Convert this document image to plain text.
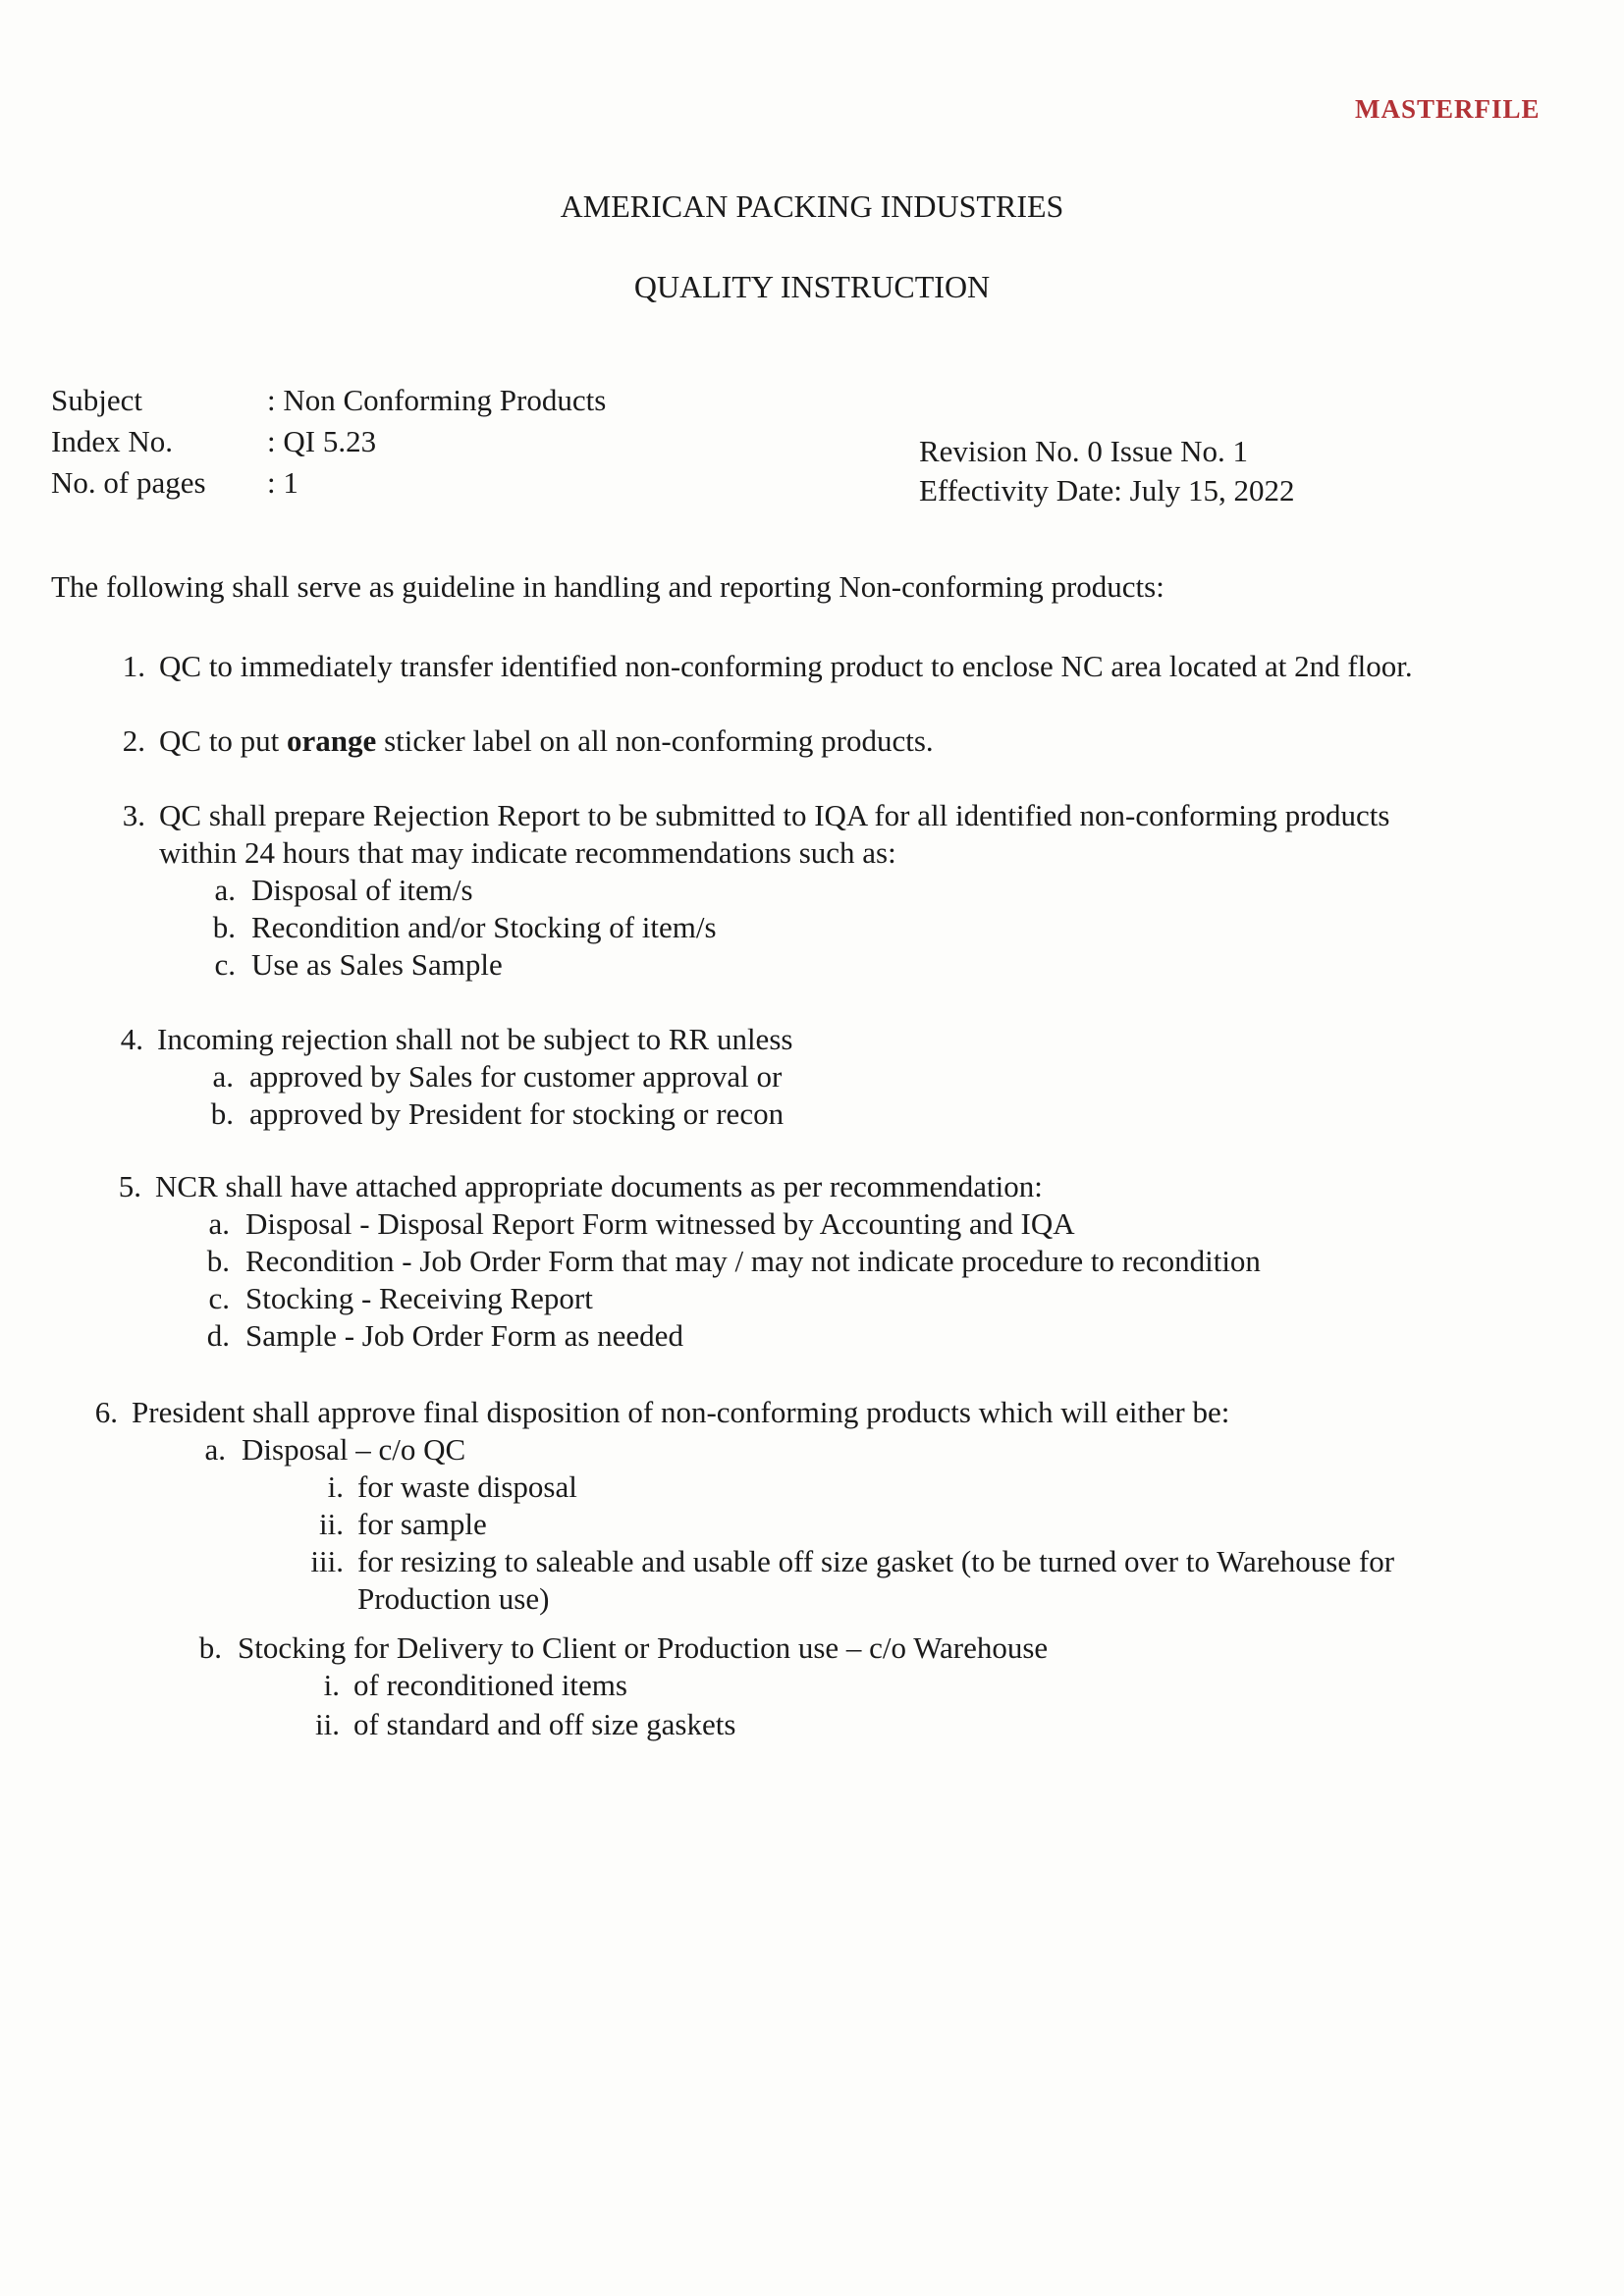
MASTERFILE
AMERICAN PACKING INDUSTRIES
QUALITY INSTRUCTION
Subject	: Non Conforming Products
Index No.	: QI 5.23
No. of pages : 1
Revision No. 0 Issue No. 1
Effectivity Date: July 15, 2022
The following shall serve as guideline in handling and reporting Non-conforming products:
1. QC to immediately transfer identified non-conforming product to enclose NC area located at 2nd floor.
2. QC to put orange sticker label on all non-conforming products.
3. QC shall prepare Rejection Report to be submitted to IQA for all identified non-conforming products
within 24 hours that may indicate recommendations such as:
a. Disposal of item/s
b. Recondition and/or Stocking of item/s
c. Use as Sales Sample
4. Incoming rejection shall not be subject to RR unless
a. approved by Sales for customer approval or
b. approved by President for stocking or recon
5. NCR shall have attached appropriate documents as per recommendation:
a. Disposal - Disposal Report Form witnessed by Accounting and IQA
b. Recondition - Job Order Form that may / may not indicate procedure to recondition
c. Stocking - Receiving Report
d. Sample - Job Order Form as needed
6. President shall approve final disposition of non-conforming products which will either be:
a. Disposal – c/o QC
i. for waste disposal
ii. for sample
iii. for resizing to saleable and usable off size gasket (to be turned over to Warehouse for
Production use)
b. Stocking for Delivery to Client or Production use – c/o Warehouse
i. of reconditioned items
ii. of standard and off size gaskets
